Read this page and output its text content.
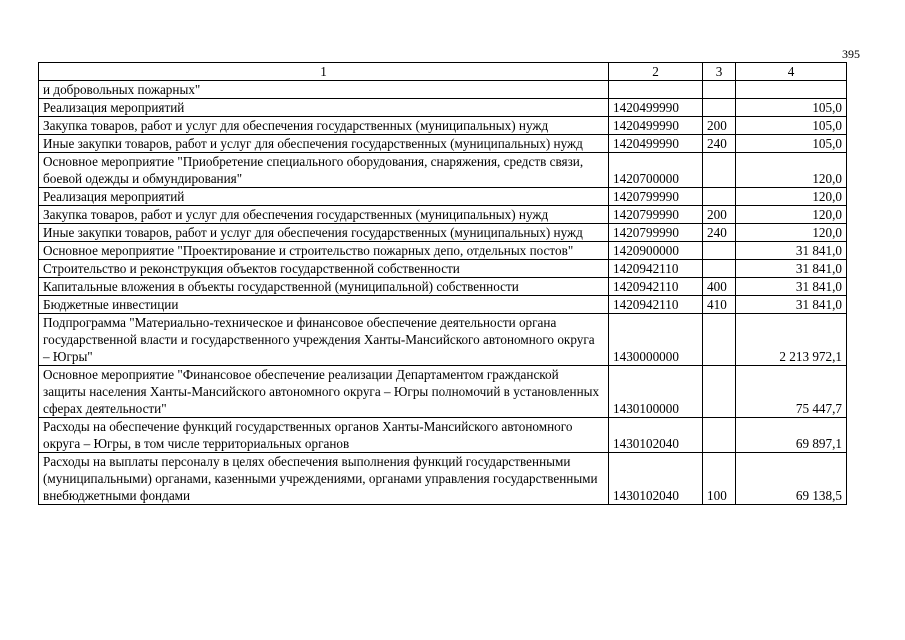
395
1	2	3	4
и добровольных пожарных"			
Реализация мероприятий	1420499990		105,0
Закупка товаров, работ и услуг для обеспечения государственных (муниципальных) нужд	1420499990	200	105,0
Иные закупки товаров, работ и услуг для обеспечения государственных (муниципальных) нужд	1420499990	240	105,0
Основное мероприятие "Приобретение специального оборудования, снаряжения, средств связи, боевой одежды и обмундирования"	1420700000		120,0
Реализация мероприятий	1420799990		120,0
Закупка товаров, работ и услуг для обеспечения государственных (муниципальных) нужд	1420799990	200	120,0
Иные закупки товаров, работ и услуг для обеспечения государственных (муниципальных) нужд	1420799990	240	120,0
Основное мероприятие "Проектирование и строительство пожарных депо, отдельных постов"	1420900000		31 841,0
Строительство и реконструкция объектов государственной собственности	1420942110		31 841,0
Капитальные вложения в объекты государственной (муниципальной) собственности	1420942110	400	31 841,0
Бюджетные инвестиции	1420942110	410	31 841,0
Подпрограмма "Материально-техническое и финансовое обеспечение деятельности органа государственной власти и государственного учреждения Ханты-Мансийского автономного округа – Югры"	1430000000		2 213 972,1
Основное мероприятие "Финансовое обеспечение реализации Департаментом гражданской защиты населения Ханты-Мансийского автономного округа – Югры полномочий в установленных сферах деятельности"	1430100000		75 447,7
Расходы на обеспечение функций государственных органов Ханты-Мансийского автономного округа – Югры, в том числе территориальных органов	1430102040		69 897,1
Расходы на выплаты персоналу в целях обеспечения выполнения функций государственными (муниципальными) органами, казенными учреждениями, органами управления государственными внебюджетными фондами	1430102040	100	69 138,5
